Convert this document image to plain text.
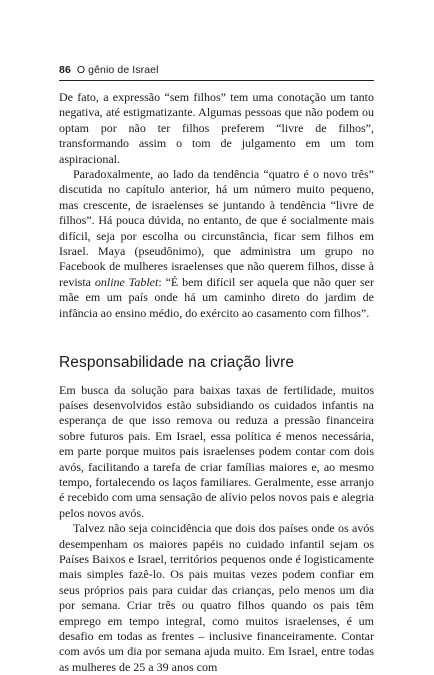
86 O gênio de Israel

De fato, a expressão “sem filhos” tem uma conotação um tanto negativa, até estigmatizante. Algumas pessoas que não podem ou optam por não ter filhos preferem “livre de filhos”, transformando assim o tom de julgamento em um tom aspiracional.

Paradoxalmente, ao lado da tendência “quatro é o novo três” discutida no capítulo anterior, há um número muito pequeno, mas crescente, de israelenses se juntando à tendência “livre de filhos”. Há pouca dúvida, no entanto, de que é socialmente mais difícil, seja por escolha ou circunstância, ficar sem filhos em Israel. Maya (pseudônimo), que administra um grupo no Facebook de mulheres israelenses que não querem filhos, disse à revista online Tablet: “É bem difícil ser aquela que não quer ser mãe em um país onde há um caminho direto do jardim de infância ao ensino médio, do exército ao casamento com filhos”.

Responsabilidade na criação livre

Em busca da solução para baixas taxas de fertilidade, muitos países desenvolvidos estão subsidiando os cuidados infantis na esperança de que isso remova ou reduza a pressão financeira sobre futuros pais. Em Israel, essa política é menos necessária, em parte porque muitos pais israelenses podem contar com dois avós, facilitando a tarefa de criar famílias maiores e, ao mesmo tempo, fortalecendo os laços familiares. Geralmente, esse arranjo é recebido com uma sensação de alívio pelos novos pais e alegria pelos novos avós.

Talvez não seja coincidência que dois dos países onde os avós desempenham os maiores papéis no cuidado infantil sejam os Países Baixos e Israel, territórios pequenos onde é logisticamente mais simples fazê-lo. Os pais muitas vezes podem confiar em seus próprios pais para cuidar das crianças, pelo menos um dia por semana. Criar três ou quatro filhos quando os pais têm emprego em tempo integral, como muitos israelenses, é um desafio em todas as frentes – inclusive financeiramente. Contar com avós um dia por semana ajuda muito. Em Israel, entre todas as mulheres de 25 a 39 anos com
